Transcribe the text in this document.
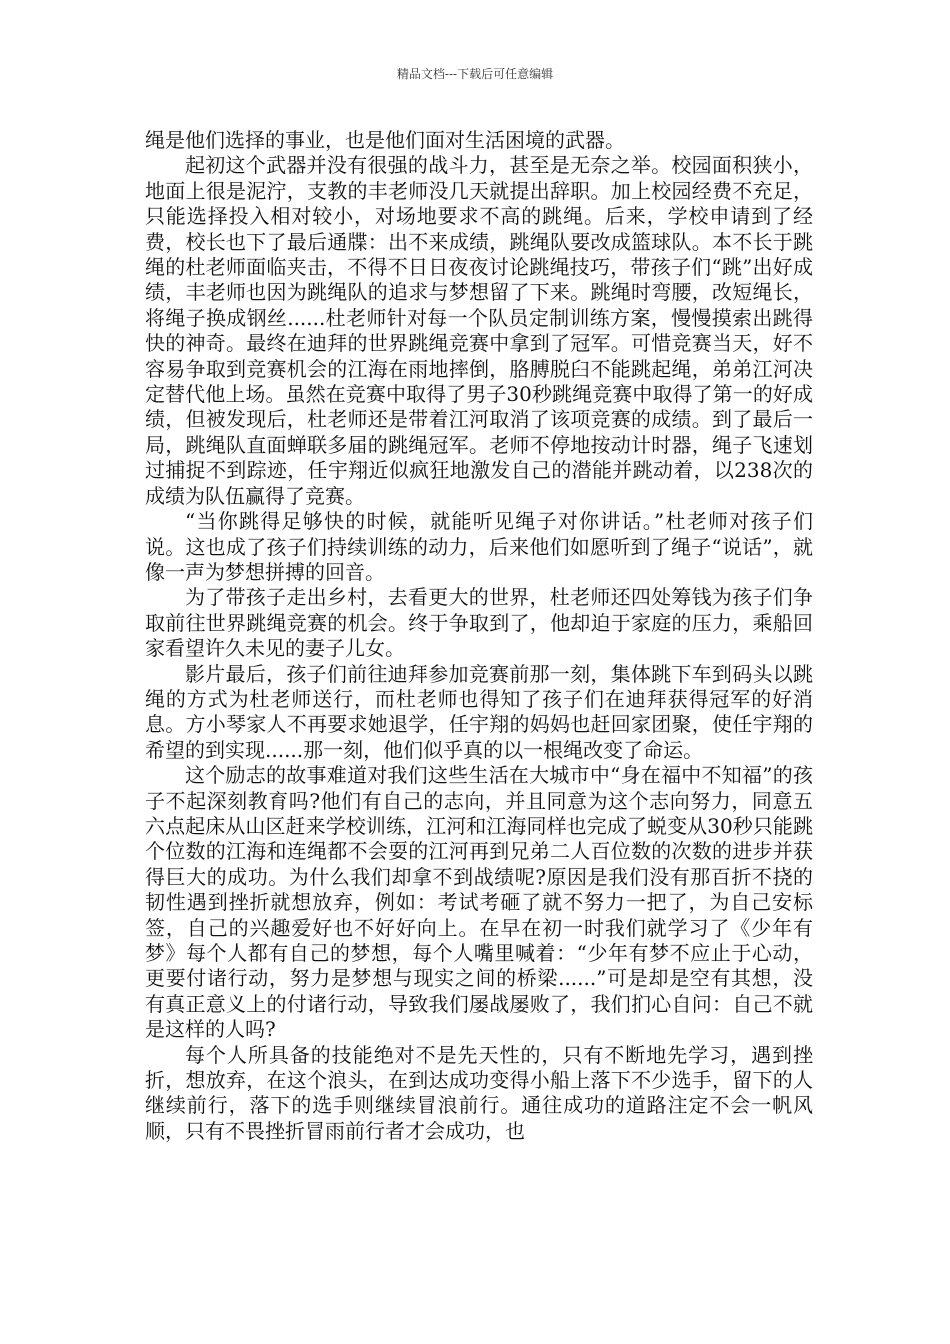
精品文档---下载后可任意编辑

绳是他们选择的事业，也是他们面对生活困境的武器。

起初这个武器并没有很强的战斗力，甚至是无奈之举。校园面积狭小，地面上很是泥泞，支教的丰老师没几天就提出辞职。加上校园经费不充足，只能选择投入相对较小，对场地要求不高的跳绳。后来，学校申请到了经费，校长也下了最后通牒：出不来成绩，跳绳队要改成篮球队。本不长于跳绳的杜老师面临夹击，不得不日日夜夜讨论跳绳技巧，带孩子们“跳”出好成绩，丰老师也因为跳绳队的追求与梦想留了下来。跳绳时弯腰，改短绳长，将绳子换成钢丝......杜老师针对每一个队员定制训练方案，慢慢摸索出跳得快的神奇。最终在迪拜的世界跳绳竞赛中拿到了冠军。可惜竞赛当天，好不容易争取到竞赛机会的江海在雨地摔倒，胳膊脱臼不能跳起绳，弟弟江河决定替代他上场。虽然在竞赛中取得了男子30秒跳绳竞赛中取得了第一的好成绩，但被发现后，杜老师还是带着江河取消了该项竞赛的成绩。到了最后一局，跳绳队直面蝉联多届的跳绳冠军。老师不停地按动计时器，绳子飞速划过捕捉不到踪迹，任宇翔近似疯狂地激发自己的潜能并跳动着，以238次的成绩为队伍赢得了竞赛。

“当你跳得足够快的时候，就能听见绳子对你讲话。”杜老师对孩子们说。这也成了孩子们持续训练的动力，后来他们如愿听到了绳子“说话”，就像一声为梦想拼搏的回音。

为了带孩子走出乡村，去看更大的世界，杜老师还四处筹钱为孩子们争取前往世界跳绳竞赛的机会。终于争取到了，他却迫于家庭的压力，乘船回家看望许久未见的妻子儿女。

影片最后，孩子们前往迪拜参加竞赛前那一刻，集体跳下车到码头以跳绳的方式为杜老师送行，而杜老师也得知了孩子们在迪拜获得冠军的好消息。方小琴家人不再要求她退学，任宇翔的妈妈也赶回家团聚，使任宇翔的希望的到实现......那一刻，他们似乎真的以一根绳改变了命运。

这个励志的故事难道对我们这些生活在大城市中“身在福中不知福”的孩子不起深刻教育吗?他们有自己的志向，并且同意为这个志向努力，同意五六点起床从山区赶来学校训练，江河和江海同样也完成了蜕变从30秒只能跳个位数的江海和连绳都不会耍的江河再到兄弟二人百位数的次数的进步并获得巨大的成功。为什么我们却拿不到战绩呢?原因是我们没有那百折不挠的韧性遇到挫折就想放弃，例如：考试考砸了就不努力一把了，为自己安标签，自己的兴趣爱好也不好好向上。在早在初一时我们就学习了《少年有梦》每个人都有自己的梦想，每个人嘴里喊着：“少年有梦不应止于心动，更要付诸行动，努力是梦想与现实之间的桥梁......”可是却是空有其想，没有真正意义上的付诸行动，导致我们屡战屡败了，我们扪心自问：自己不就是这样的人吗?

每个人所具备的技能绝对不是先天性的，只有不断地先学习，遇到挫折，想放弃，在这个浪头，在到达成功变得小船上落下不少选手，留下的人继续前行，落下的选手则继续冒浪前行。通往成功的道路注定不会一帆风顺，只有不畏挫折冒雨前行者才会成功，也
